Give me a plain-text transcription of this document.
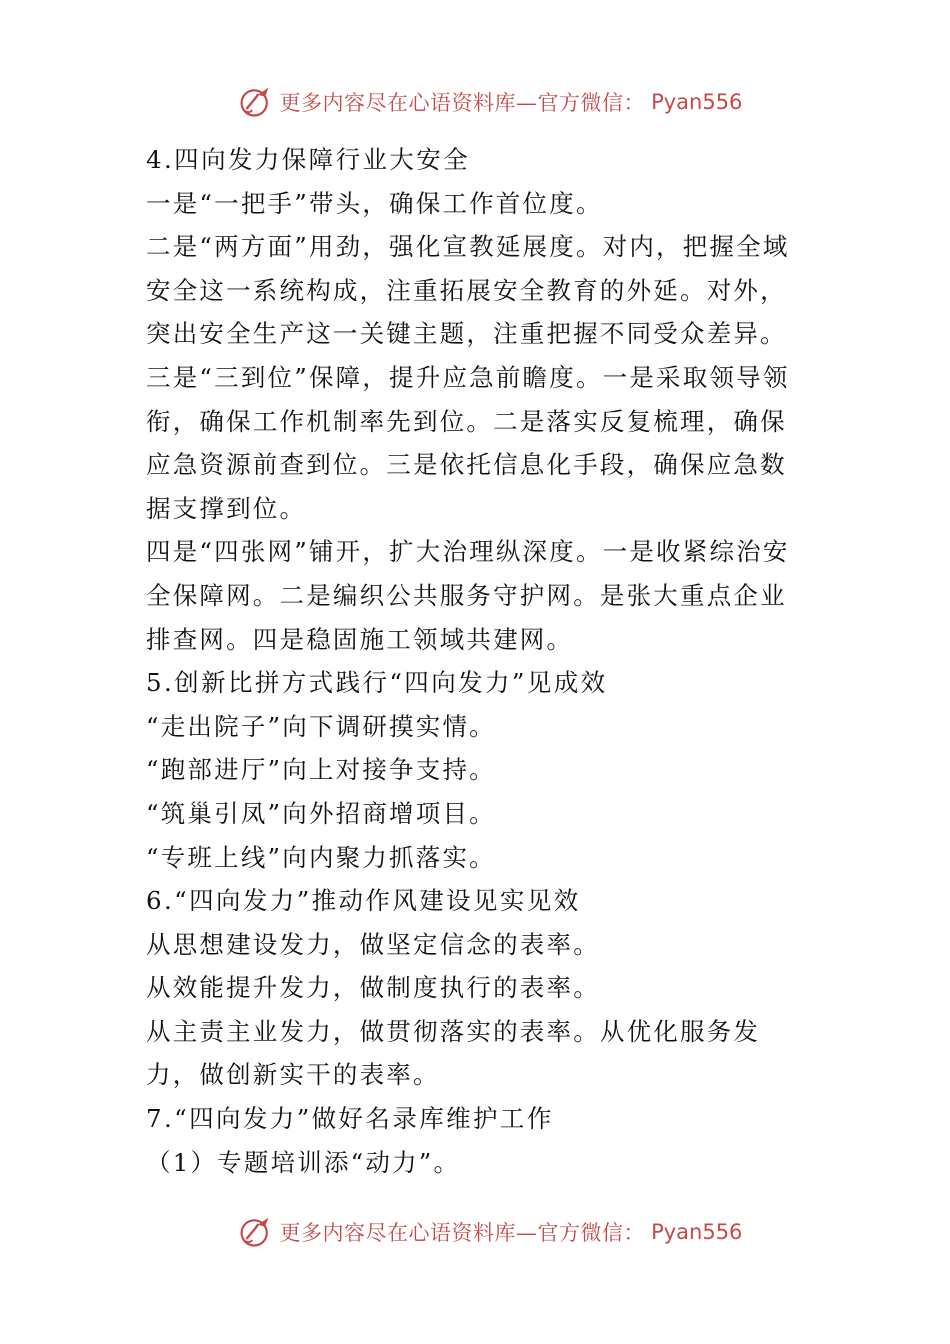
更多内容尽在心语资料库—官方微信： Pyan556

4.四向发力保障行业大安全

一是“一把手”带头，确保工作首位度。

二是“两方面”用劲，强化宣教延展度。对内，把握全域安全这一系统构成，注重拓展安全教育的外延。对外，突出安全生产这一关键主题，注重把握不同受众差异。

三是“三到位”保障，提升应急前瞻度。一是采取领导领衔，确保工作机制率先到位。二是落实反复梳理，确保应急资源前查到位。三是依托信息化手段，确保应急数据支撑到位。

四是“四张网”铺开，扩大治理纵深度。一是收紧综治安全保障网。二是编织公共服务守护网。是张大重点企业排查网。四是稳固施工领域共建网。

5.创新比拼方式践行“四向发力”见成效

“走出院子”向下调研摸实情。

“跑部进厅”向上对接争支持。

“筑巢引凤”向外招商增项目。

“专班上线”向内聚力抓落实。

6.“四向发力”推动作风建设见实见效

从思想建设发力，做坚定信念的表率。

从效能提升发力，做制度执行的表率。

从主责主业发力，做贯彻落实的表率。从优化服务发力，做创新实干的表率。

7.“四向发力”做好名录库维护工作

（1）专题培训添“动力”。

更多内容尽在心语资料库—官方微信： Pyan556
